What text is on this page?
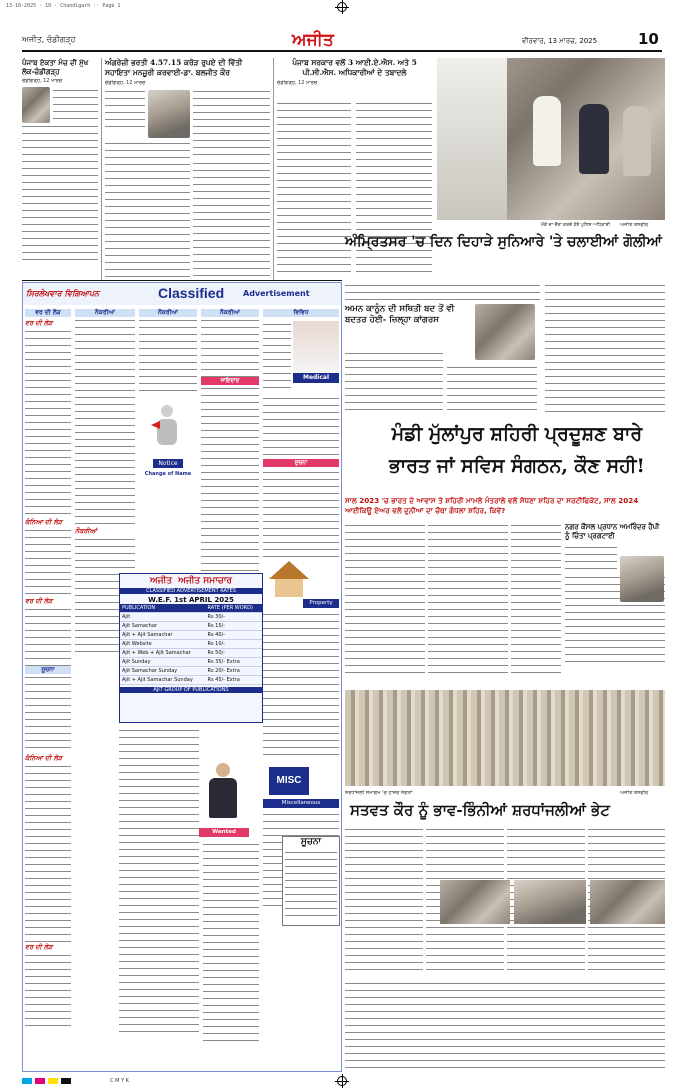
13-10-2025 · 10 · Chandigarh ·· Page 1
ਅਜੀਤ, ਚੰਡੀਗੜ੍ਹ	ਅਜੀਤ	ਵੀਰਵਾਰ, 13 ਮਾਰਚ, 2025	10
ਪੰਜਾਬ ਏਕਤਾ ਮੰਚ ਦੀ ਮੁੱਖ ਲੋਕ-ਚੰਡੀਗੜ੍ਹ
ਚੰਡੀਗੜ੍ਹ, 12 ਮਾਰਚ
ਅੰਗਰੇਜ਼ੀ ਭਰਤੀ 4.57.15 ਕਰੋੜ ਰੁਪਏ ਦੀ ਵਿੱਤੀ ਸਹਾਇਤਾ ਮਨਜ਼ੂਰੀ ਕਰਵਾਈ-ਡਾ. ਬਲਜੀਤ ਕੌਰ
ਚੰਡੀਗੜ੍ਹ, 12 ਮਾਰਚ
ਪੰਜਾਬ ਸਰਕਾਰ ਵਲੋਂ 3 ਆਈ.ਏ.ਐਸ. ਅਤੇ 5 ਪੀ.ਸੀ.ਐਸ. ਅਧਿਕਾਰੀਆਂ ਦੇ ਤਬਾਦਲੇ
ਚੰਡੀਗੜ੍ਹ, 12 ਮਾਰਚ
ਮੌਕੇ ਦਾ ਦੌਰਾ ਕਰਦੇ ਹੋਏ ਪੁਲਿਸ ਅਧਿਕਾਰੀ ਅਜੀਤ ਤਸਵੀਰ
ਅੰਮ੍ਰਿਤਸਰ 'ਚ ਦਿਨ ਦਿਹਾੜੇ ਸੁਨਿਆਰੇ 'ਤੇ ਚਲਾਈਆਂ ਗੋਲੀਆਂ
ਸਿਰਲੇਖਵਾਰ ਵਿਗਿਆਪਨ	Classified Advertisement
ਵਰ ਦੀ ਲੋੜ
ਵਰ ਦੀ ਲੋੜ
ਕੰਨਿਆ ਦੀ ਲੋੜ
ਵਰ ਦੀ ਲੋੜ
ਸੂਚਨਾ
ਕੰਨਿਆ ਦੀ ਲੋੜ
ਵਰ ਦੀ ਲੋੜ
ਨੌਕਰੀਆਂ
ਨੌਕਰੀਆਂ
ਨੌਕਰੀਆਂ
Notice
Change of Name
ਨੌਕਰੀਆਂ
ਜਾਇਦਾਦ
ਵਿਵਿਧ
Medical
ਸੂਚਨਾ
Property
MISC
Miscellaneous
ਅਜੀਤ ਅਜੀਤ ਸਮਾਚਾਰ
CLASSIFIED ADVERTISEMENT RATES
W.E.F. 1st APRIL 2025
PUBLICATION	RATE (PER WORD)
Ajit	Rs 30/-
Ajit Samachar	Rs 15/-
Ajit + Ajit Samachar	Rs 40/-
Ajit Website	Rs 10/-
Ajit + Web + Ajit Samachar	Rs 50/-
Ajit Sunday	Rs 35/- Extra
Ajit Samachar Sunday	Rs 20/- Extra
Ajit + Ajit Samachar Sunday	Rs 45/- Extra
AJIT GROUP OF PUBLICATIONS
Wanted
ਸੂਚਨਾ
ਅਮਨ ਕਾਨੂੰਨ ਦੀ ਸਥਿਤੀ ਬਦ ਤੋਂ ਵੀ ਬਦਤਰ ਹੋਈ- ਜ਼ਿਲ੍ਹਾ ਕਾਂਗਰਸ
ਮੰਡੀ ਮੁੱਲਾਂਪੁਰ ਸ਼ਹਿਰੀ ਪ੍ਰਦੂਸ਼ਣ ਬਾਰੇ
ਭਾਰਤ ਜਾਂ ਸਵਿਸ ਸੰਗਠਨ, ਕੌਣ ਸਹੀ!
ਸਾਲ 2023 'ਚ ਭਾਰਤ ਦੇ ਆਵਾਸ ਤੇ ਸ਼ਹਿਰੀ ਮਾਮਲੇ ਮੰਤਰਾਲੇ ਵਲੋਂ ਸੋਧਣਾ ਸ਼ਹਿਰ ਦਾ ਸਰਟੀਫਿਕੇਟ, ਸਾਲ 2024 ਆਈਕਿਊ ਏਅਰ ਵਲੋਂ ਦੁਨੀਆਂ ਦਾ ਚੌਥਾ ਗੰਧਲਾ ਸ਼ਹਿਰ, ਕਿਵੇਂ?
ਨਗਰ ਕੌਂਸਲ ਪ੍ਰਧਾਨ ਅਮਰਿੰਦਰ ਹੈਪੀ ਨੂੰ ਚਿੰਤਾ ਪ੍ਰਗਟਾਈ
ਸ਼ਰਧਾਂਜਲੀ ਸਮਾਗਮ 'ਚ ਹਾਜ਼ਰ ਸੰਗਤਾਂ	ਅਜੀਤ ਤਸਵੀਰ
ਸਤਵਤ ਕੌਰ ਨੂੰ ਭਾਵ-ਭਿੰਨੀਆਂ ਸ਼ਰਧਾਂਜਲੀਆਂ ਭੇਟ
C M Y K
